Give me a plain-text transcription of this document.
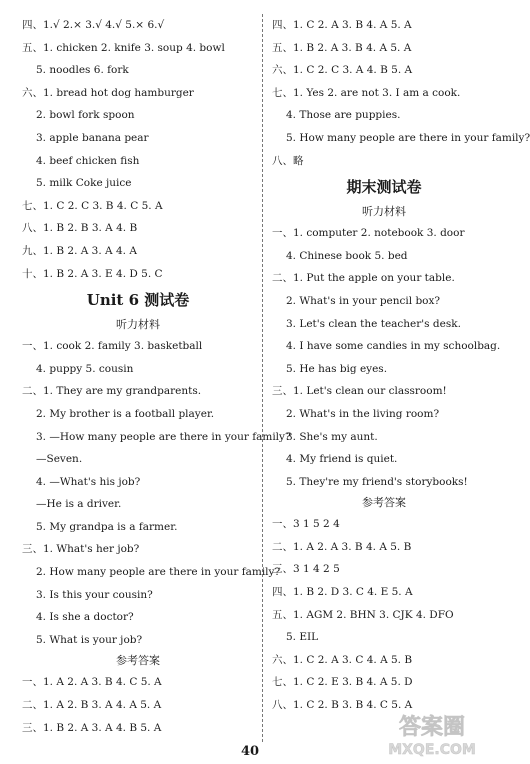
四、1.√ 2.× 3.√ 4.√ 5.× 6.√
五、1. chicken 2. knife 3. soup 4. bowl
5. noodles 6. fork
六、1. bread hot dog hamburger
2. bowl fork spoon
3. apple banana pear
4. beef chicken fish
5. milk Coke juice
七、1. C 2. C 3. B 4. C 5. A
八、1. B 2. B 3. A 4. B
九、1. B 2. A 3. A 4. A
十、1. B 2. A 3. E 4. D 5. C
Unit 6 测试卷
听力材料
一、1. cook 2. family 3. basketball
4. puppy 5. cousin
二、1. They are my grandparents.
2. My brother is a football player.
3. —How many people are there in your family?
—Seven.
4. —What's his job?
—He is a driver.
5. My grandpa is a farmer.
三、1. What's her job?
2. How many people are there in your family?
3. Is this your cousin?
4. Is she a doctor?
5. What is your job?
参考答案
一、1. A 2. A 3. B 4. C 5. A
二、1. A 2. B 3. A 4. A 5. A
三、1. B 2. A 3. A 4. B 5. A
四、1. C 2. A 3. B 4. A 5. A
五、1. B 2. A 3. B 4. A 5. A
六、1. C 2. C 3. A 4. B 5. A
七、1. Yes 2. are not 3. I am a cook.
4. Those are puppies.
5. How many people are there in your family?
八、略
期末测试卷
听力材料
一、1. computer 2. notebook 3. door
4. Chinese book 5. bed
二、1. Put the apple on your table.
2. What's in your pencil box?
3. Let's clean the teacher's desk.
4. I have some candies in my schoolbag.
5. He has big eyes.
三、1. Let's clean our classroom!
2. What's in the living room?
3. She's my aunt.
4. My friend is quiet.
5. They're my friend's storybooks!
参考答案
一、3 1 5 2 4
二、1. A 2. A 3. B 4. A 5. B
三、3 1 4 2 5
四、1. B 2. D 3. C 4. E 5. A
五、1. AGM 2. BHN 3. CJK 4. DFO
5. EIL
六、1. C 2. A 3. C 4. A 5. B
七、1. C 2. E 3. B 4. A 5. D
八、1. C 2. B 3. B 4. C 5. A
40
答案圈
MXQE.COM
